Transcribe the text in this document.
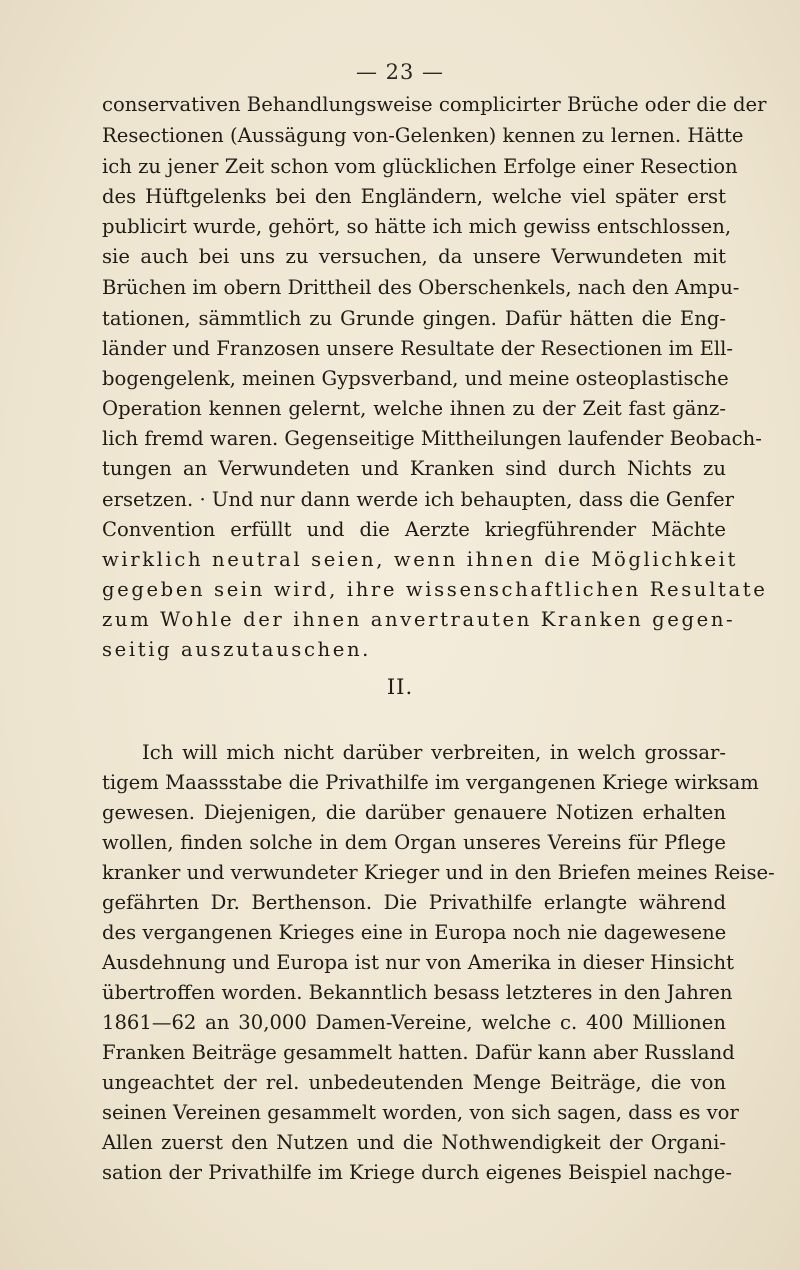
— 23 —
conservativen Behandlungsweise complicirter Brüche oder die der
Resectionen (Aussägung von-Gelenken) kennen zu lernen. Hätte
ich zu jener Zeit schon vom glücklichen Erfolge einer Resection
des Hüftgelenks bei den Engländern, welche viel später erst
publicirt wurde, gehört, so hätte ich mich gewiss entschlossen,
sie auch bei uns zu versuchen, da unsere Verwundeten mit
Brüchen im obern Drittheil des Oberschenkels, nach den Ampu-
tationen, sämmtlich zu Grunde gingen. Dafür hätten die Eng-
länder und Franzosen unsere Resultate der Resectionen im Ell-
bogengelenk, meinen Gypsverband, und meine osteoplastische
Operation kennen gelernt, welche ihnen zu der Zeit fast gänz-
lich fremd waren. Gegenseitige Mittheilungen laufender Beobach-
tungen an Verwundeten und Kranken sind durch Nichts zu
ersetzen. · Und nur dann werde ich behaupten, dass die Genfer
Convention erfüllt und die Aerzte kriegführender Mächte
wirklich neutral seien, wenn ihnen die Möglichkeit
gegeben sein wird, ihre wissenschaftlichen Resultate
zum Wohle der ihnen anvertrauten Kranken gegen-
seitig auszutauschen.
II.
Ich will mich nicht darüber verbreiten, in welch grossar-
tigem Maassstabe die Privathilfe im vergangenen Kriege wirksam
gewesen. Diejenigen, die darüber genauere Notizen erhalten
wollen, finden solche in dem Organ unseres Vereins für Pflege
kranker und verwundeter Krieger und in den Briefen meines Reise-
gefährten Dr. Berthenson. Die Privathilfe erlangte während
des vergangenen Krieges eine in Europa noch nie dagewesene
Ausdehnung und Europa ist nur von Amerika in dieser Hinsicht
übertroffen worden. Bekanntlich besass letzteres in den Jahren
1861—62 an 30,000 Damen-Vereine, welche c. 400 Millionen
Franken Beiträge gesammelt hatten. Dafür kann aber Russland
ungeachtet der rel. unbedeutenden Menge Beiträge, die von
seinen Vereinen gesammelt worden, von sich sagen, dass es vor
Allen zuerst den Nutzen und die Nothwendigkeit der Organi-
sation der Privathilfe im Kriege durch eigenes Beispiel nachge-
